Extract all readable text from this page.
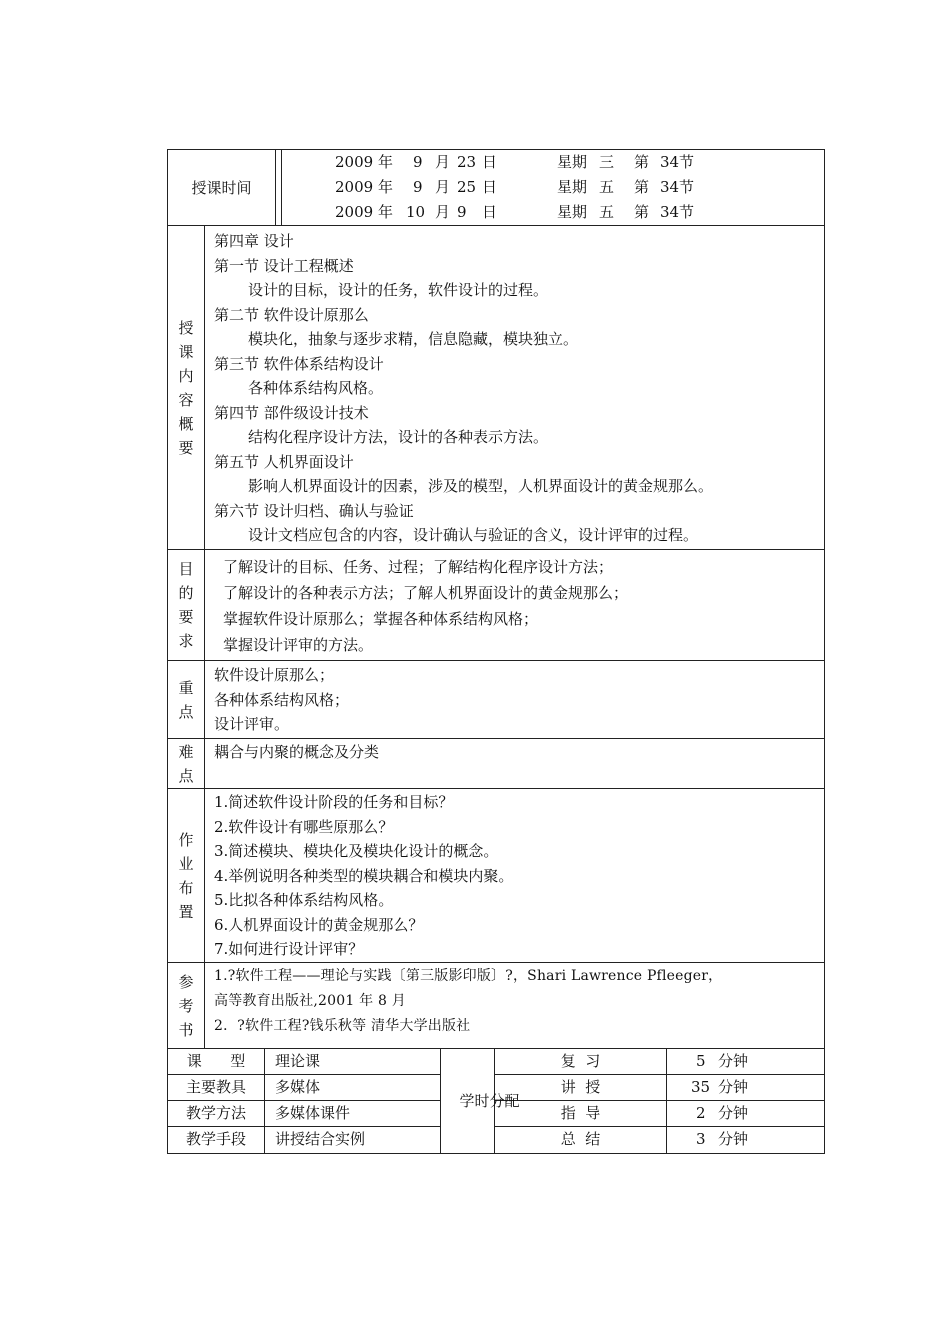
授课时间
2009 年 9 月 23 日	星期 三 第 34 节
2009 年 9 月 25 日	星期 五 第 34 节
2009 年 10 月 9 日	星期 五 第 34 节
授课内容概要
第四章 设计
第一节 设计工程概述
设计的目标，设计的任务，软件设计的过程。
第二节 软件设计原那么
模块化，抽象与逐步求精，信息隐藏，模块独立。
第三节 软件体系结构设计
各种体系结构风格。
第四节 部件级设计技术
结构化程序设计方法，设计的各种表示方法。
第五节 人机界面设计
影响人机界面设计的因素，涉及的模型，人机界面设计的黄金规那么。
第六节 设计归档、确认与验证
设计文档应包含的内容，设计确认与验证的含义，设计评审的过程。
目的要求
了解设计的目标、任务、过程；了解结构化程序设计方法；
了解设计的各种表示方法；了解人机界面设计的黄金规那么；
掌握软件设计原那么；掌握各种体系结构风格；
掌握设计评审的方法。
重点
软件设计原那么；
各种体系结构风格；
设计评审。
难点
耦合与内聚的概念及分类
作业布置
1.简述软件设计阶段的任务和目标？
2.软件设计有哪些原那么？
3.简述模块、模块化及模块化设计的概念。
4.举例说明各种类型的模块耦合和模块内聚。
5.比拟各种体系结构风格。
6.人机界面设计的黄金规那么？
7.如何进行设计评审？
参考书
1.?软件工程——理论与实践〔第三版影印版〕?，Shari Lawrence Pfleeger，
高等教育出版社,2001 年 8 月
2．?软件工程?钱乐秋等 清华大学出版社
课      型	理论课	复  习	5 分钟
主要教具	多媒体	讲  授	35 分钟
教学方法	多媒体课件	指  导	2 分钟
教学手段	讲授结合实例	总  结	3 分钟
学时分配
